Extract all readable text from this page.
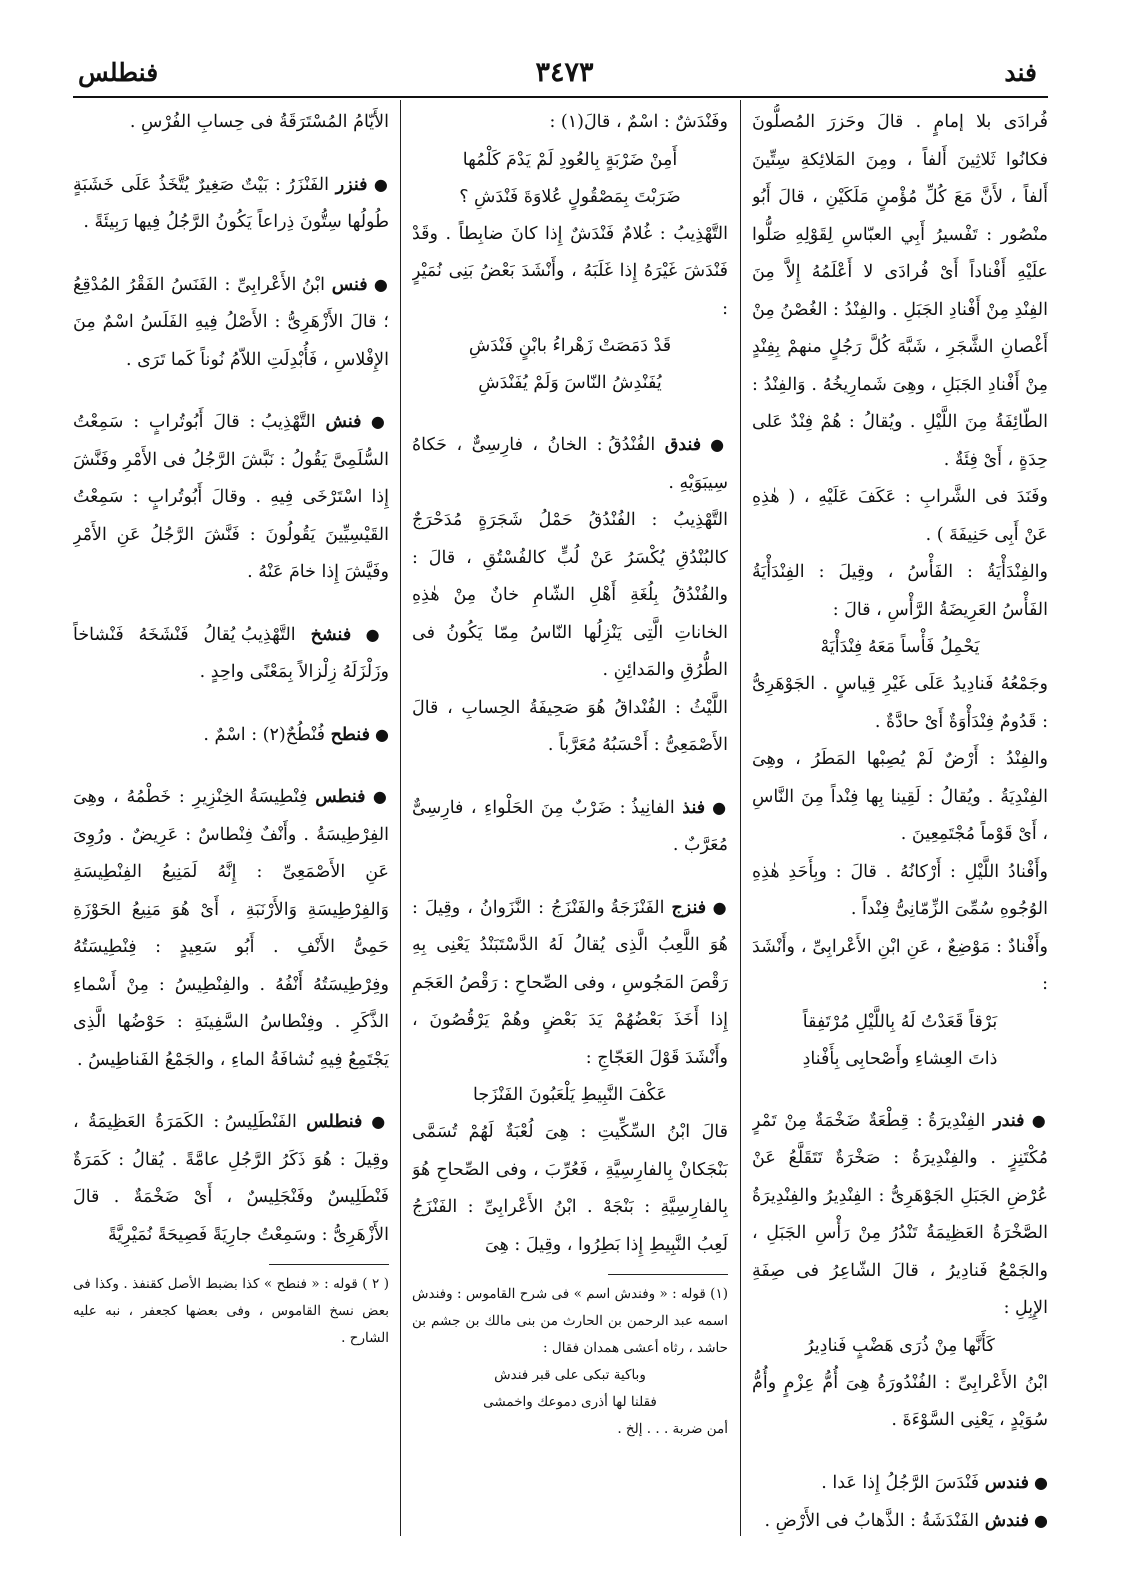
فند
٣٤٧٣
فنطلس

فُرادَى بلا إمامٍ . قالَ وحَزرَ المُصلُّونَ فكانُوا ثَلاثِينَ أَلفاً ، ومِنَ المَلائِكةِ سِتِّينَ أَلفاً ، لأَنَّ مَعَ كُلِّ مُؤْمنٍ مَلَكَيْنِ ، قالَ أَبُو منْصُور : تَفْسيرُ أَبِي العبّاسِ لِقَوْلِهِ صَلُّوا علَيْهِ أَفْناداً أَىْ فُرادَى لا أَعْلَمُهُ إِلاَّ مِنَ الفِنْدِ مِنْ أَفْنادِ الجَبَلِ . والفِنْدُ : الغُصْنُ مِنْ أَغْصانِ الشَّجَرِ ، شَبَّهَ كُلَّ رَجُلٍ منهمْ بِفِنْدٍ مِنْ أَفْنادِ الجَبَلِ ، وهِىَ شَمارِيخُهُ . وَالفِنْدُ : الطّائِفَةُ مِنَ اللَّيْلِ . ويُقالُ : هُمْ فِنْدٌ عَلى حِدَةٍ ، أَىْ فِئَةٌ .

وفَنَدَ فى الشَّرابِ : عَكَفَ عَلَيْهِ ، ( هٰذِهِ عَنْ أَبِى حَنِيفَةَ ) .

والفِنْدَأْيَةُ : الفَأْسُ ، وقِيلَ : الفِنْدَأْيَةُ الفَأْسُ العَرِيضَةُ الرَّأْسِ ، قالَ :

يَحْمِلُ فَأْساً مَعَهُ فِنْدَأْيَهْ

وجَمْعُهُ فَنادِيدُ عَلَى غَيْرِ قِياسٍ . الجَوْهَرِىُّ : قَدُومٌ فِنْدَأْوَةٌ أَىْ حادَّةٌ .

والفِنْدُ : أَرْضٌ لَمْ يُصِبْها المَطَرُ ، وهِىَ الفِنْدِيَةُ . ويُقالُ : لَقِينا بِها فِنْداً مِنَ النَّاسِ ، أَىْ قَوْماً مُجْتَمِعِينَ .

وأَفْنادُ اللَّيْلِ : أَرْكانُهُ . قالَ : وبِأَحَدِ هٰذِهِ الوُجُوهِ سُمِّىَ الزِّمّانِىُّ فِنْداً .

وأَفْنادٌ : مَوْضِعٌ ، عَنِ ابْنِ الأَعْرابِىِّ ، وأَنْشَدَ :

بَرْقاً قَعَدْتُ لَهُ بِاللَّيْلِ مُرْتَفِقاً

ذاتَ العِشاءِ وأَصْحابِى بِأَفْنادِ

● فندر الفِنْدِيرَةُ : قِطْعَةٌ ضَخْمَةٌ مِنْ تَمْرٍ مُكْتَنِزٍ . والفِنْدِيرَةُ : صَخْرَةٌ تَتَقَلَّعُ عَنْ عُرْضِ الجَبَلِ الجَوْهَرِىُّ : الفِنْدِيرُ والفِنْدِيرَةُ الصَّخْرَةُ العَظِيمَةُ تَنْدُرُ مِنْ رَأْسِ الجَبَلِ ، والجَمْعُ فَنادِيرُ ، قالَ الشّاعِرُ فى صِفَةِ الإِبِلِ :

كَأَنَّها مِنْ ذُرَى هَضْبٍ فَنادِيرُ

ابْنُ الأَعْرابِىِّ : الفُنْدُورَةُ هِىَ أُمُّ عِزْمٍ وأُمُّ سُوَيْدٍ ، يَعْنِى السَّوْءَةَ .

● فندس فَنْدَسَ الرَّجُلُ إِذا عَدا .

● فندش الفَنْدَشَةُ : الذَّهابُ فى الأَرْضِ .

وفَنْدَشٌ : اسْمٌ ، قالَ(١) :

أَمِنْ ضَرْبَةٍ بِالعُودِ لَمْ يَدْمَ كَلْمُها

ضَرَبْتَ بِمَصْقُولٍ عُلاوَةَ فَنْدَشِ ؟

التَّهْذِيبُ : غُلامٌ فَنْدَشٌ إِذا كانَ ضابِطاً . وقَدْ فَنْدَشَ غَيْرَهُ إِذا غَلَبَهُ ، وأَنْشَدَ بَعْضُ بَنِى نُمَيْرٍ :

قَدْ دَمَصَتْ زَهْراءُ بابْنٍ فَنْدَشِ

يُفَنْدِشُ النّاسَ وَلَمْ يُفَنْدَشِ

● فندق الفُنْدُقُ : الخانُ ، فارِسِىٌّ ، حَكاهُ سِيبَوَيْهِ .

التَّهْذِيبُ : الفُنْدُقُ حَمْلُ شَجَرَةٍ مُدَحْرَجٌ كالبُنْدُقِ يُكْسَرُ عَنْ لُبٍّ كالفُسْتُقِ ، قالَ : والفُنْدُقُ بِلُغَةِ أَهْلِ الشّامِ خانٌ مِنْ هٰذِهِ الخاناتِ الَّتِى يَنْزِلُها النّاسُ مِمّا يَكُونُ فى الطُّرُقِ والمَدائِنِ .

اللَّيْثُ : الفُنْداقُ هُوَ صَحِيفَةُ الحِسابِ ، قالَ الأَصْمَعِىُّ : أَحْسَبُهُ مُعَرَّباً .

● فنذ الفانِيذُ : ضَرْبٌ مِنَ الحَلْواءِ ، فارِسِىٌّ مُعَرَّبٌ .

● فنزج الفَنْزَجَةُ والفَنْزَجُ : النَّزَوانُ ، وقِيلَ : هُوَ اللَّعِبُ الَّذِى يُقالُ لَهُ الدَّسْتَبَنْدُ يَعْنِى بِهِ رَقْصَ المَجُوسِ ، وفى الصِّحاحِ : رَقْصُ العَجَمِ إِذا أَخَذَ بَعْضُهُمْ يَدَ بَعْضٍ وهُمْ يَرْقُصُونَ ، وأَنْشَدَ قَوْلَ العَجّاجِ :

عَكْفَ النَّبِيطِ يَلْعَبُونَ الفَنْزَجا

قالَ ابْنُ السِّكِّيتِ : هِىَ لُعْبَةٌ لَهُمْ تُسَمَّى بَنْجَكانْ بِالفارِسِيَّةِ ، فَعُرِّبَ ، وفى الصِّحاحِ هُوَ بِالفارِسِيَّةِ : بَنْجَهْ . ابْنُ الأَعْرابِىِّ : الفَنْزَجُ لَعِبُ النَّبِيطِ إِذا بَطِرُوا ، وقِيلَ : هِىَ

(١) قوله : « وفندش اسم » فى شرح القاموس : وفندش اسمه عبد الرحمن بن الحارث من بنى مالك بن جشم بن حاشد ، رثاه أعشى همدان فقال :

وباكية تبكى على قبر فندش

فقلنا لها أذرى دموعك واخمشى

أمن ضربة . . . إلخ .

الأَيّامُ المُسْتَرَقَةُ فى حِسابِ الفُرْسِ .

● فنزر الفَنْزَرُ : بَيْتٌ صَغِيرٌ يُتَّخَذُ عَلَى خَشَبَةٍ طُولُها سِتُّونَ ذِراعاً يَكُونُ الرَّجُلُ فِيها رَبِيئَةً .

● فنس ابْنُ الأَعْرابِىِّ : الفَنَسُ الفَقْرُ المُدْقِعُ ؛ قالَ الأَزْهَرِىُّ : الأَصْلُ فِيهِ الفَلَسُ اسْمٌ مِنَ الإِفْلاسِ ، فَأُبْدِلَتِ اللاّمُ نُوناً كَما تَرَى .

● فنش التَّهْذِيبُ : قالَ أَبُوتُرابٍ : سَمِعْتُ السُّلَمِىَّ يَقُولُ : نَبَّشَ الرَّجُلُ فى الأَمْرِ وفَنَّشَ إِذا اسْتَرْخَى فِيهِ . وقالَ أَبُوتُرابٍ : سَمِعْتُ القَيْسِيِّينَ يَقُولُونَ : فَنَّشَ الرَّجُلُ عَنِ الأَمْرِ وفَيَّشَ إِذا خامَ عَنْهُ .

● فنشخ التَّهْذِيبُ يُقالُ فَنْشَخَهُ فَنْشاخاً وزَلْزَلَهُ زِلْزالاً بِمَعْنًى واحِدٍ .

● فنطح فُنْطُحٌ(٢) : اسْمٌ .

● فنطس فِنْطِيسَةُ الخِنْزِيرِ : خَطْمُهُ ، وهِىَ الفِرْطِيسَةُ . وأَنْفٌ فِنْطاسٌ : عَرِيضٌ . ورُوِىَ عَنِ الأَصْمَعِىِّ : إِنَّهُ لَمَنِيعُ الفِنْطِيسَةِ وَالفِرْطِيسَةِ وَالأَرْنَبَةِ ، أَىْ هُوَ مَنِيعُ الحَوْزَةِ حَمِىُّ الأَنْفِ . أَبُو سَعِيدٍ : فِنْطِيسَتُهُ وفِرْطِيسَتُهُ أَنْفُهُ . والفِنْطِيسُ : مِنْ أَسْماءِ الذَّكَرِ . وفِنْطاسُ السَّفِينَةِ : حَوْضُها الَّذِى يَجْتَمِعُ فِيهِ نُشافَةُ الماءِ ، والجَمْعُ الفَناطِيسُ .

● فنطلس الفَنْطَلِيسُ : الكَمَرَةُ العَظِيمَةُ ، وقِيلَ : هُوَ ذَكَرُ الرَّجُلِ عامَّةً . يُقالُ : كَمَرَةٌ فَنْطَلِيسٌ وفَنْجَلِيسٌ ، أَىْ ضَخْمَةٌ . قالَ الأَزْهَرِىُّ : وسَمِعْتُ جارِيَةً فَصِيحَةً نُمَيْرِيَّةً

( ٢ ) قوله : « فنطح » كذا بضبط الأصل كقنفذ . وكذا فى بعض نسخ القاموس ، وفى بعضها كجعفر ، نبه عليه الشارح .
